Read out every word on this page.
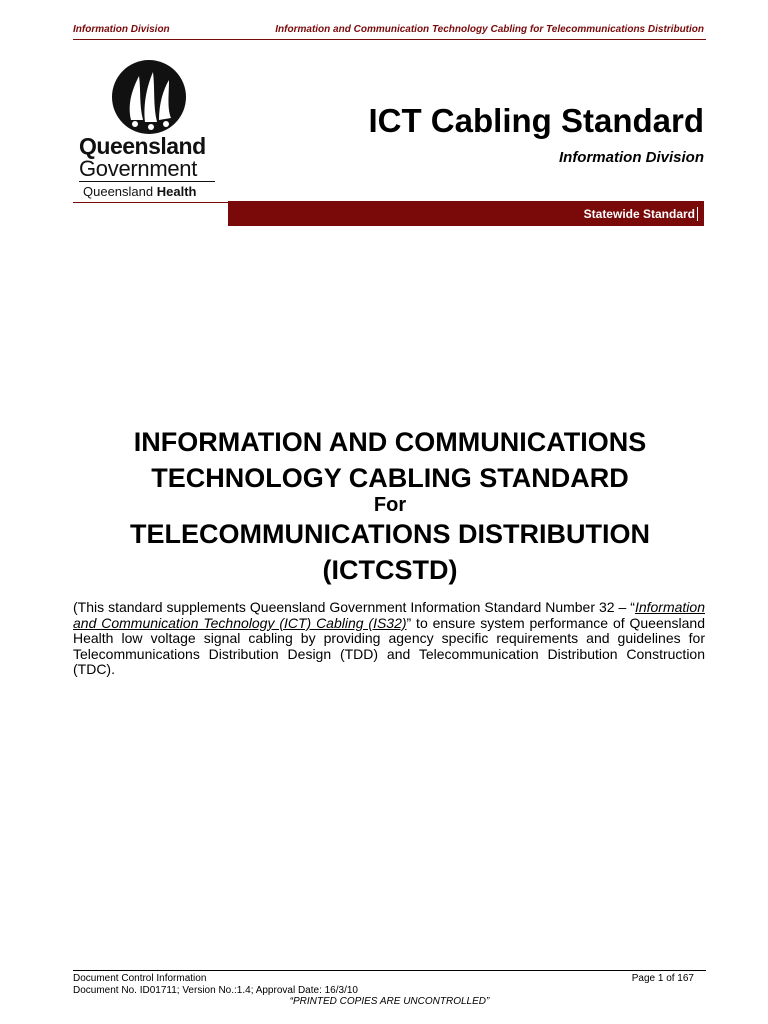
Information Division	Information and Communication Technology Cabling for Telecommunications Distribution
Queensland
Government
Queensland Health
ICT Cabling Standard
Information Division
Statewide Standard
INFORMATION AND COMMUNICATIONS
TECHNOLOGY CABLING STANDARD
For
TELECOMMUNICATIONS DISTRIBUTION
(ICTCSTD)
(This standard supplements Queensland Government Information Standard Number 32 – “Information and Communication Technology (ICT) Cabling (IS32)” to ensure system performance of Queensland Health low voltage signal cabling by providing agency specific requirements and guidelines for Telecommunications Distribution Design (TDD) and Telecommunication Distribution Construction (TDC).
Document Control Information	Page 1 of 167
Document No. ID01711; Version No.:1.4; Approval Date: 16/3/10
“PRINTED COPIES ARE UNCONTROLLED”
